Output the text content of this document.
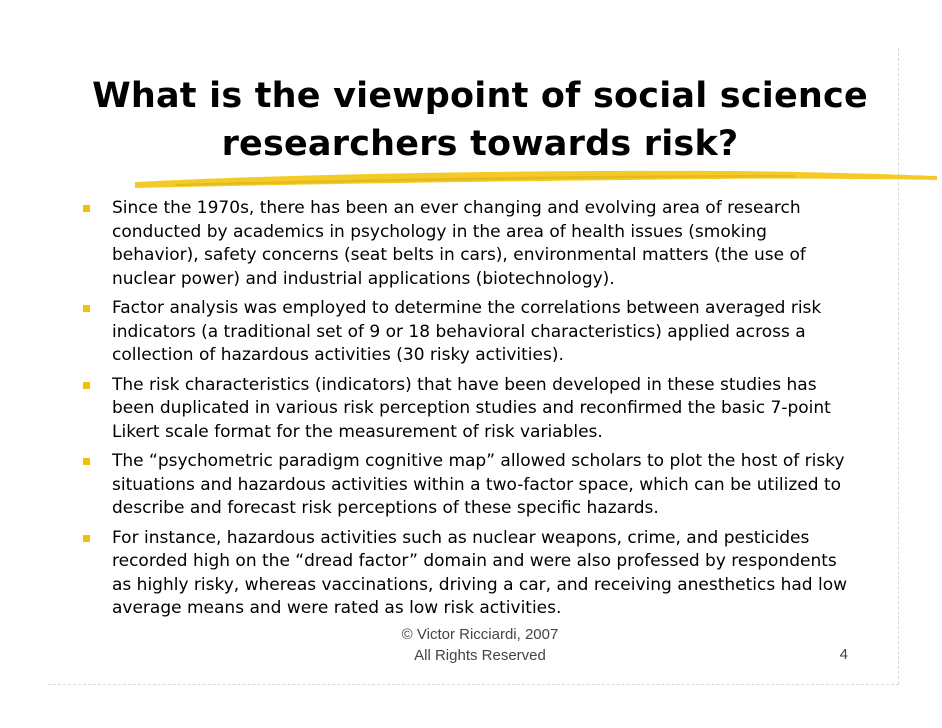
What is the viewpoint of social science
researchers towards risk?
Since the 1970s, there has been an ever changing and evolving area of research conducted by academics in psychology in the area of health issues (smoking behavior), safety concerns (seat belts in cars), environmental matters (the use of nuclear power) and industrial applications (biotechnology).
Factor analysis was employed to determine the correlations between averaged risk indicators (a traditional set of 9 or 18 behavioral characteristics) applied across a collection of hazardous activities (30 risky activities).
The risk characteristics (indicators) that have been developed in these studies has been duplicated in various risk perception studies and reconfirmed the basic 7-point Likert scale format for the measurement of risk variables.
The “psychometric paradigm cognitive map” allowed scholars to plot the host of risky situations and hazardous activities within a two-factor space, which can be utilized to describe and forecast risk perceptions of these specific hazards.
For instance, hazardous activities such as nuclear weapons, crime, and pesticides recorded high on the “dread factor” domain and were also professed by respondents as highly risky, whereas vaccinations, driving a car, and receiving anesthetics had low average means and were rated as low risk activities.
© Victor Ricciardi, 2007
All Rights Reserved	4
